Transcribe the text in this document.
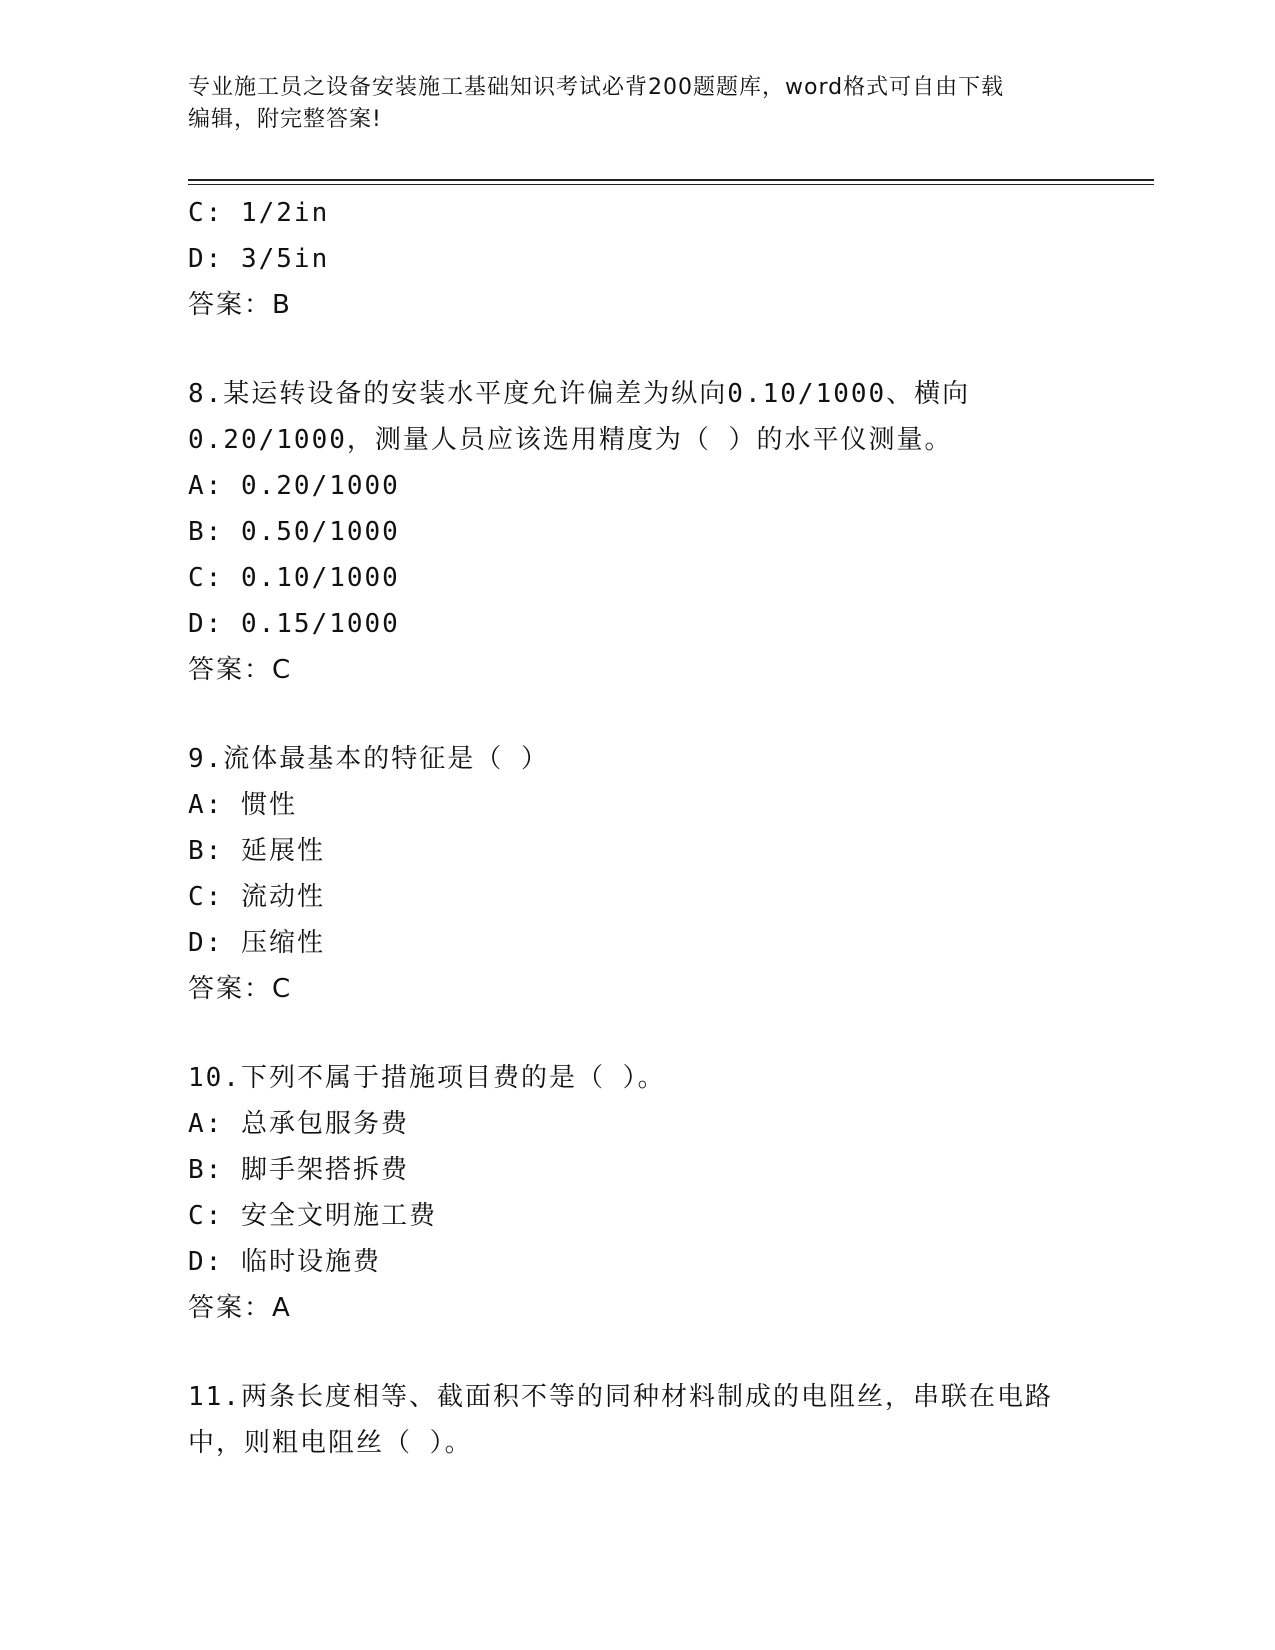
专业施工员之设备安装施工基础知识考试必背200题题库，word格式可自由下载
编辑，附完整答案!
C: 1/2in
D: 3/5in
答案：B
8.某运转设备的安装水平度允许偏差为纵向0.10/1000、横向
0.20/1000，测量人员应该选用精度为（ ）的水平仪测量。
A: 0.20/1000
B: 0.50/1000
C: 0.10/1000
D: 0.15/1000
答案：C
9.流体最基本的特征是（ ）
A: 惯性
B: 延展性
C: 流动性
D: 压缩性
答案：C
10.下列不属于措施项目费的是（ ）。
A: 总承包服务费
B: 脚手架搭拆费
C: 安全文明施工费
D: 临时设施费
答案：A
11.两条长度相等、截面积不等的同种材料制成的电阻丝，串联在电路
中，则粗电阻丝（ ）。
